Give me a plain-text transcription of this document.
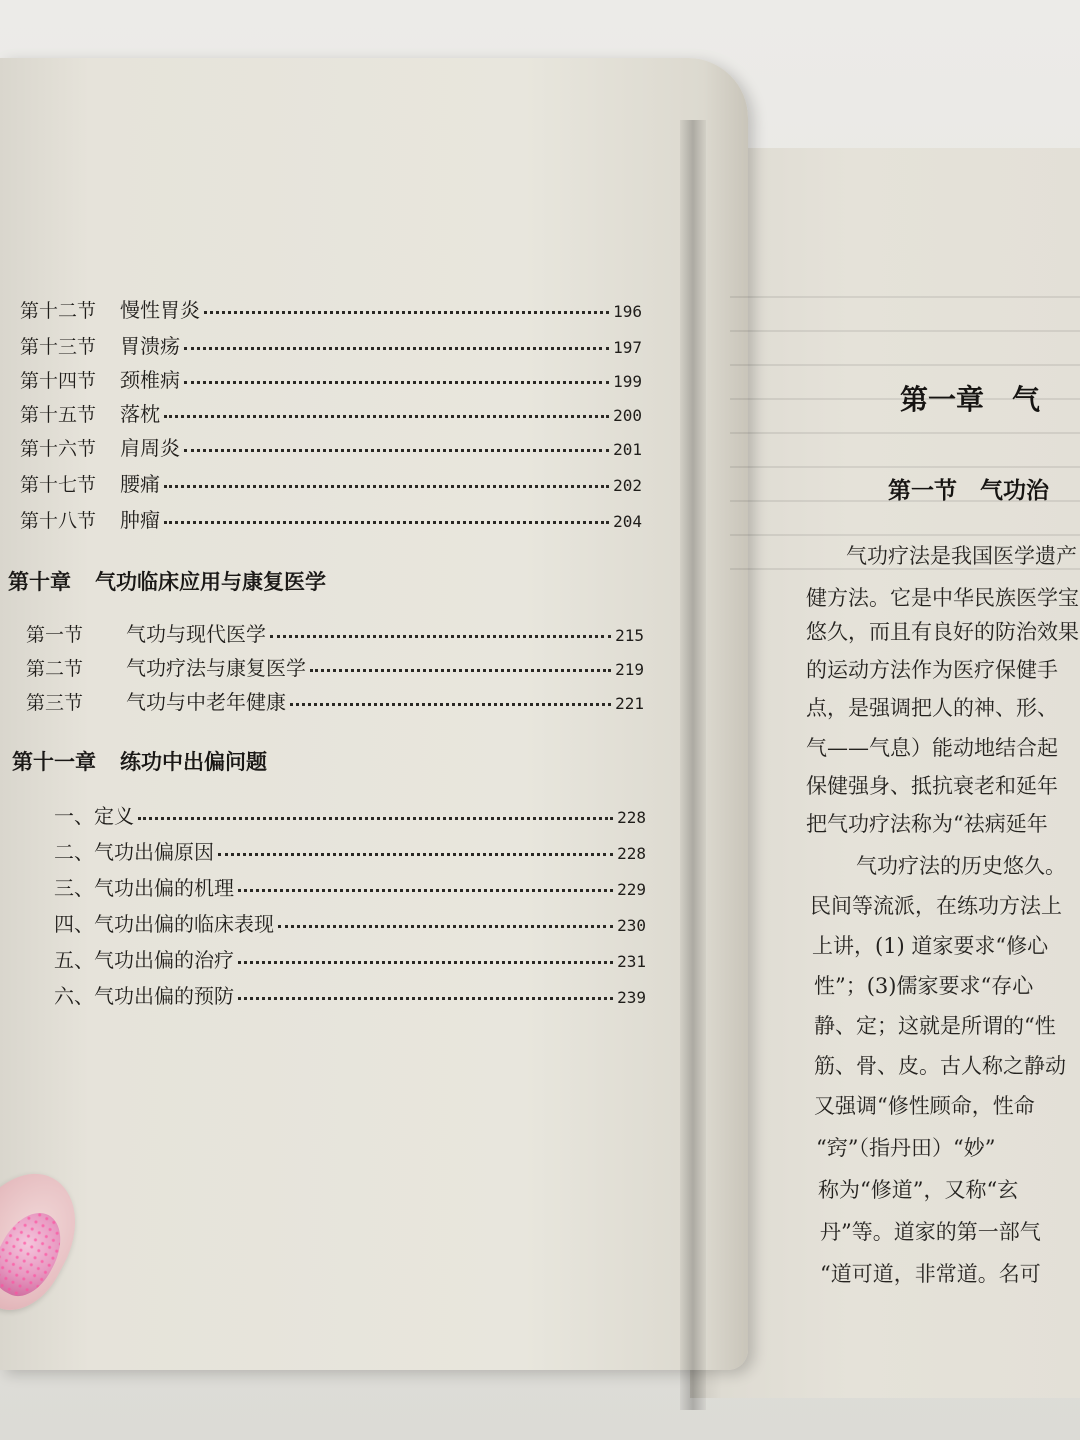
第十二节 慢性胃炎	196
第十三节 胃溃疡	197
第十四节 颈椎病	199
第十五节 落枕	200
第十六节 肩周炎	201
第十七节 腰痛	202
第十八节 肿瘤	204
第十章 气功临床应用与康复医学
第一节	气功与现代医学	215
第二节	气功疗法与康复医学	219
第三节	气功与中老年健康	221
第十一章 练功中出偏问题
一、定义	228
二、气功出偏原因	228
三、气功出偏的机理	229
四、气功出偏的临床表现	230
五、气功出偏的治疗	231
六、气功出偏的预防	239
第一章　气
第一节　气功治
气功疗法是我国医学遗产
健方法。它是中华民族医学宝
悠久，而且有良好的防治效果
的运动方法作为医疗保健手
点，是强调把人的神、形、
气——气息）能动地结合起
保健强身、抵抗衰老和延年
把气功疗法称为“祛病延年
气功疗法的历史悠久。
民间等流派，在练功方法上
上讲，(1) 道家要求“修心
性”；(3)儒家要求“存心
静、定；这就是所谓的“性
筋、骨、皮。古人称之静动
又强调“修性顾命，性命
“窍”（指丹田）“妙”
称为“修道”，又称“玄
丹”等。道家的第一部气
“道可道，非常道。名可
